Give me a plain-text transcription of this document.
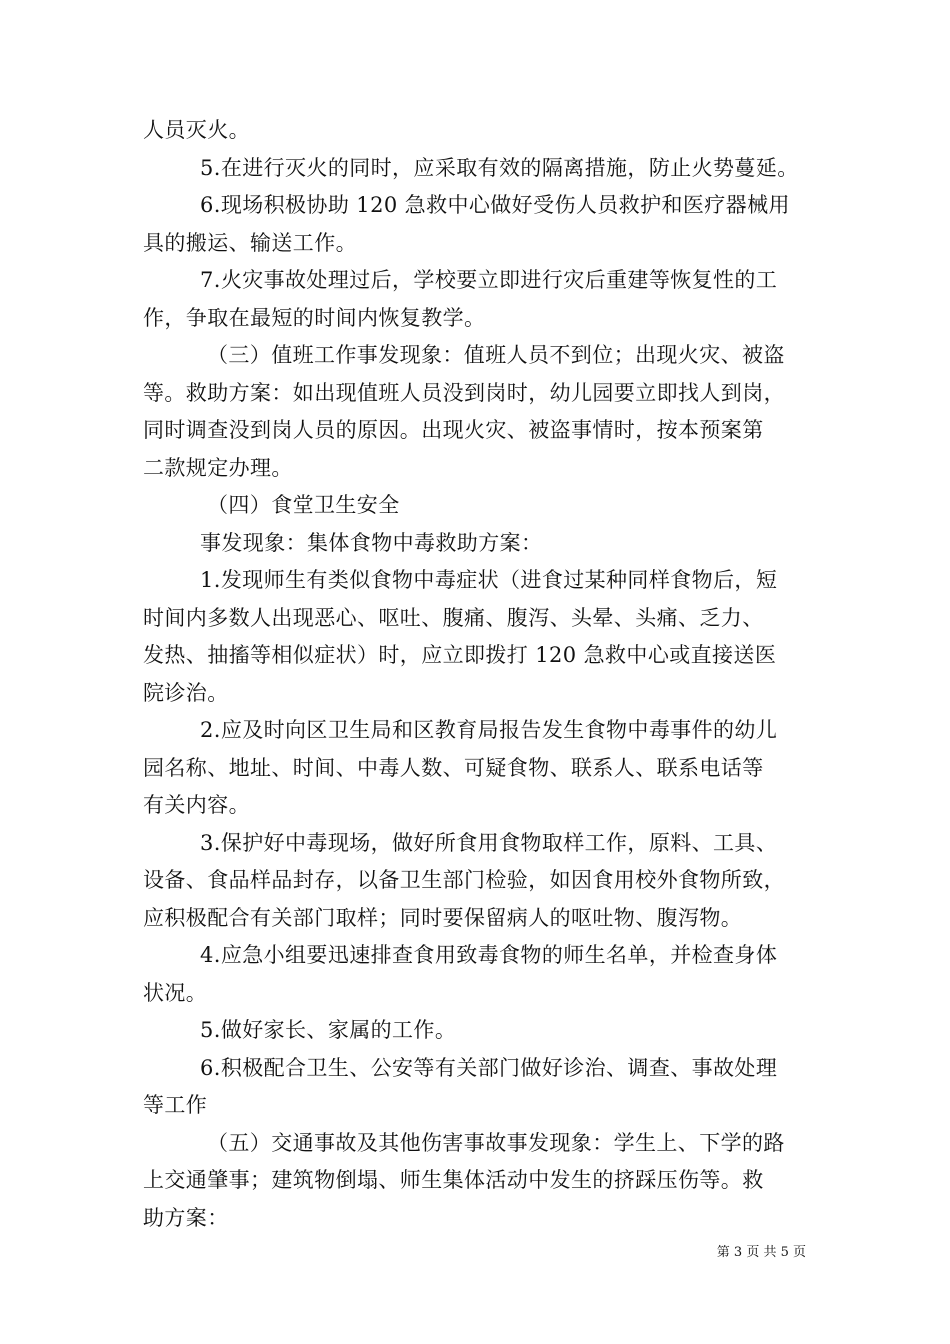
人员灭火。
5.在进行灭火的同时，应采取有效的隔离措施，防止火势蔓延。
6.现场积极协助 120 急救中心做好受伤人员救护和医疗器械用
具的搬运、输送工作。
7.火灾事故处理过后，学校要立即进行灾后重建等恢复性的工
作，争取在最短的时间内恢复教学。
（三）值班工作事发现象：值班人员不到位；出现火灾、被盗
等。救助方案：如出现值班人员没到岗时，幼儿园要立即找人到岗，
同时调查没到岗人员的原因。出现火灾、被盗事情时，按本预案第
二款规定办理。
（四）食堂卫生安全
事发现象：集体食物中毒救助方案：
1.发现师生有类似食物中毒症状（进食过某种同样食物后，短
时间内多数人出现恶心、呕吐、腹痛、腹泻、头晕、头痛、乏力、
发热、抽搐等相似症状）时，应立即拨打 120 急救中心或直接送医
院诊治。
2.应及时向区卫生局和区教育局报告发生食物中毒事件的幼儿
园名称、地址、时间、中毒人数、可疑食物、联系人、联系电话等
有关内容。
3.保护好中毒现场，做好所食用食物取样工作，原料、工具、
设备、食品样品封存，以备卫生部门检验，如因食用校外食物所致，
应积极配合有关部门取样；同时要保留病人的呕吐物、腹泻物。
4.应急小组要迅速排查食用致毒食物的师生名单，并检查身体
状况。
5.做好家长、家属的工作。
6.积极配合卫生、公安等有关部门做好诊治、调查、事故处理
等工作
（五）交通事故及其他伤害事故事发现象：学生上、下学的路
上交通肇事；建筑物倒塌、师生集体活动中发生的挤踩压伤等。救
助方案：
第 3 页 共 5 页
